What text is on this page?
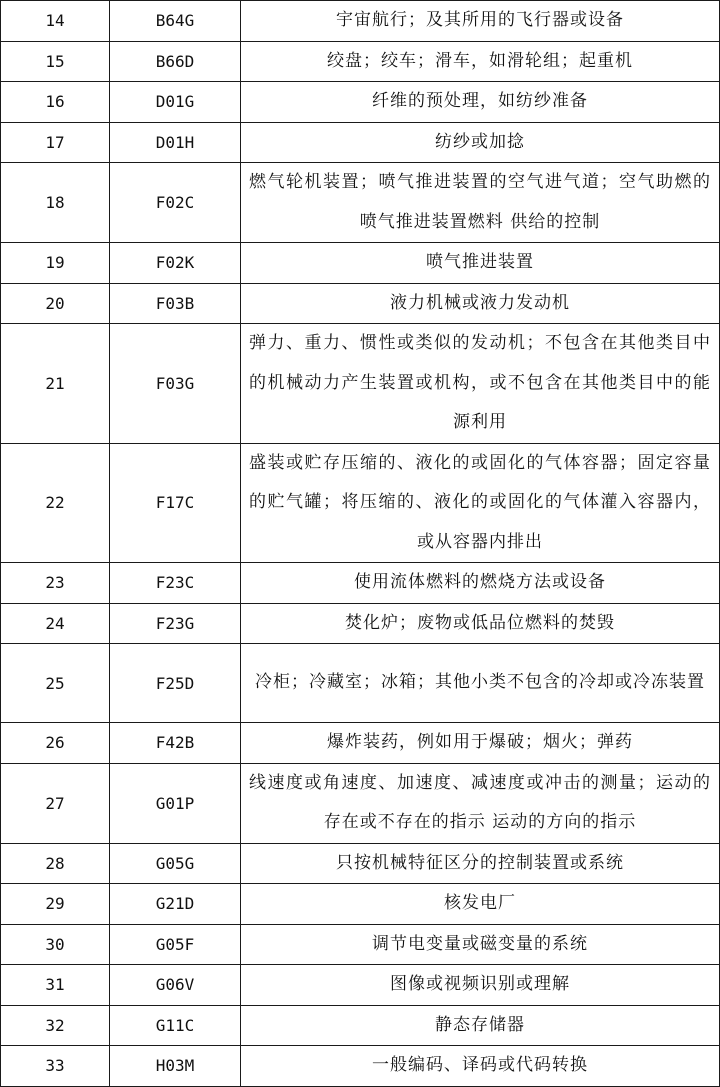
14	B64G	宇宙航行；及其所用的飞行器或设备

15	B66D	绞盘；绞车；滑车，如滑轮组；起重机

16	D01G	纤维的预处理，如纺纱准备

17	D01H	纺纱或加捻

18	F02C	燃气轮机装置；喷气推进装置的空气进气道；空气助燃的喷气推进装置燃料 供给的控制

19	F02K	喷气推进装置

20	F03B	液力机械或液力发动机

21	F03G	弹力、重力、惯性或类似的发动机；不包含在其他类目中的机械动力产生装置或机构，或不包含在其他类目中的能源利用

22	F17C	盛装或贮存压缩的、液化的或固化的气体容器；固定容量的贮气罐；将压缩的、液化的或固化的气体灌入容器内，或从容器内排出

23	F23C	使用流体燃料的燃烧方法或设备

24	F23G	焚化炉；废物或低品位燃料的焚毁

25	F25D	冷柜；冷藏室；冰箱；其他小类不包含的冷却或冷冻装置

26	F42B	爆炸装药，例如用于爆破；烟火；弹药

27	G01P	线速度或角速度、加速度、减速度或冲击的测量；运动的存在或不存在的指示 运动的方向的指示

28	G05G	只按机械特征区分的控制装置或系统

29	G21D	核发电厂

30	G05F	调节电变量或磁变量的系统

31	G06V	图像或视频识别或理解

32	G11C	静态存储器

33	H03M	一般编码、译码或代码转换
